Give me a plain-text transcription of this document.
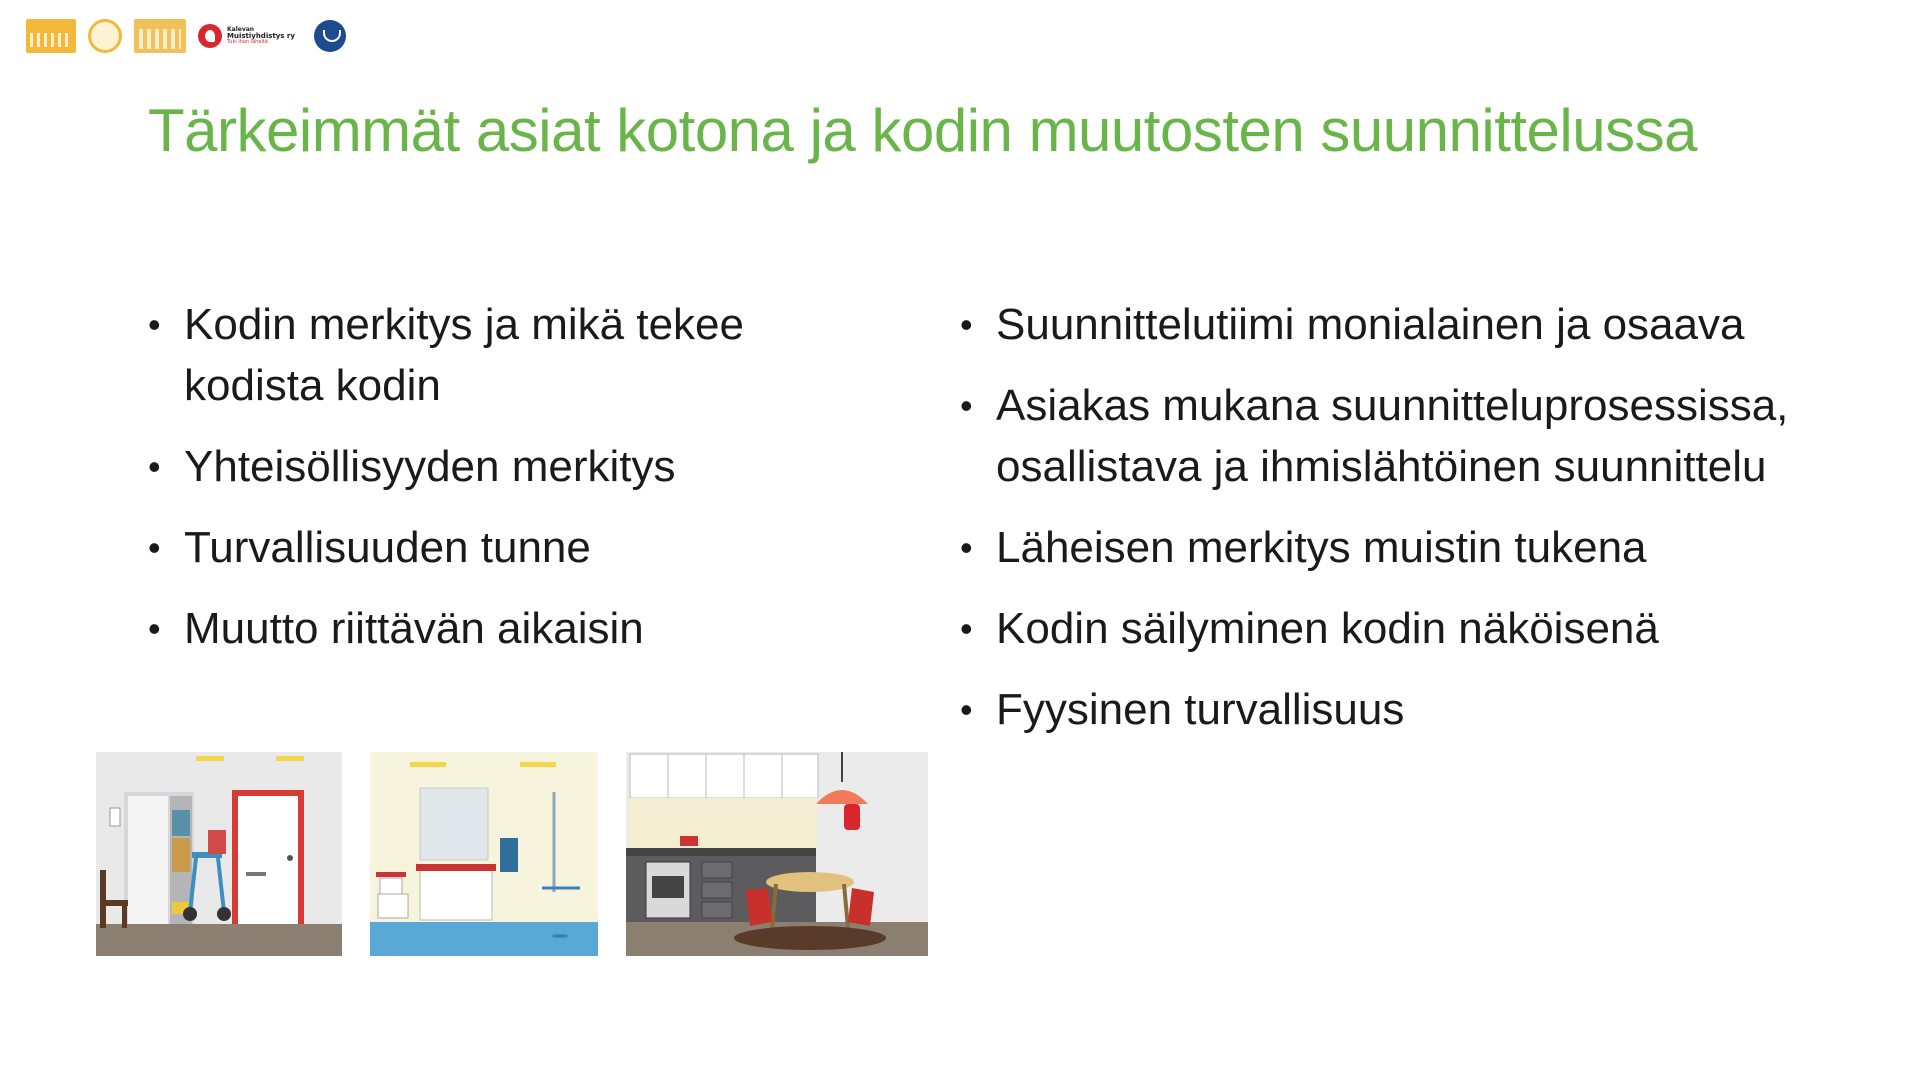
Kalevan
Muistiyhdistys ry
Tuki ihan läheltä
Tärkeimmät asiat kotona ja kodin muutosten suunnittelussa
• Kodin merkitys ja mikä tekee kodista kodin
• Yhteisöllisyyden merkitys
• Turvallisuuden tunne
• Muutto riittävän aikaisin
• Suunnittelutiimi monialainen ja osaava
• Asiakas mukana suunnitteluprosessissa, osallistava ja ihmislähtöinen suunnittelu
• Läheisen merkitys muistin tukena
• Kodin säilyminen kodin näköisenä
• Fyysinen turvallisuus
